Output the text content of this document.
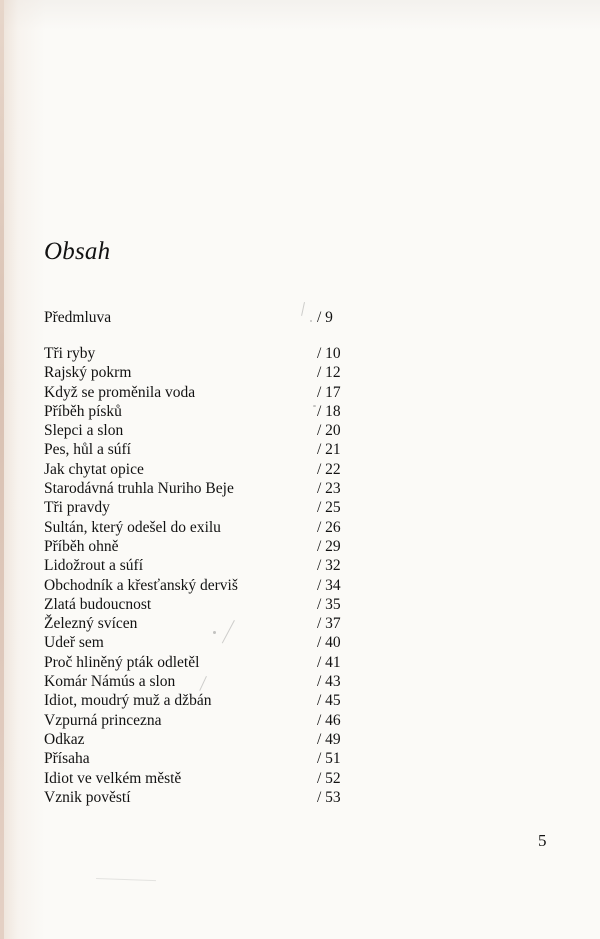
Obsah
Předmluva	/ 9
Tři ryby	/ 10
Rajský pokrm	/ 12
Když se proměnila voda	/ 17
Příběh písků	/ 18
Slepci a slon	/ 20
Pes, hůl a súfí	/ 21
Jak chytat opice	/ 22
Starodávná truhla Nuriho Beje	/ 23
Tři pravdy	/ 25
Sultán, který odešel do exilu	/ 26
Příběh ohně	/ 29
Lidožrout a súfí	/ 32
Obchodník a křesťanský derviš	/ 34
Zlatá budoucnost	/ 35
Železný svícen	/ 37
Udeř sem	/ 40
Proč hliněný pták odletěl	/ 41
Komár Námús a slon	/ 43
Idiot, moudrý muž a džbán	/ 45
Vzpurná princezna	/ 46
Odkaz	/ 49
Přísaha	/ 51
Idiot ve velkém městě	/ 52
Vznik pověstí	/ 53
5
